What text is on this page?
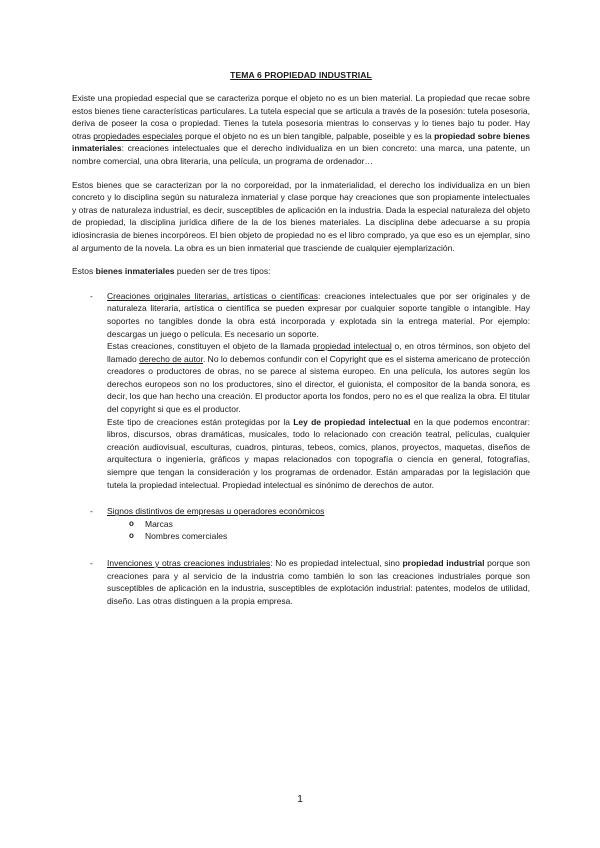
TEMA 6 PROPIEDAD INDUSTRIAL

Existe una propiedad especial que se caracteriza porque el objeto no es un bien material. La propiedad que recae sobre estos bienes tiene características particulares. La tutela especial que se articula a través de la posesión: tutela posesoria, deriva de poseer la cosa o propiedad. Tienes la tutela posesoria mientras lo conservas y lo tienes bajo tu poder. Hay otras propiedades especiales porque el objeto no es un bien tangible, palpable, poseible y es la propiedad sobre bienes inmateriales: creaciones intelectuales que el derecho individualiza en un bien concreto: una marca, una patente, un nombre comercial, una obra literaria, una película, un programa de ordenador…

Estos bienes que se caracterizan por la no corporeidad, por la inmaterialidad, el derecho los individualiza en un bien concreto y lo disciplina según su naturaleza inmaterial y clase porque hay creaciones que son propiamente intelectuales y otras de naturaleza industrial, es decir, susceptibles de aplicación en la industria. Dada la especial naturaleza del objeto de propiedad, la disciplina jurídica difiere de la de los bienes materiales. La disciplina debe adecuarse a su propia idiosincrasia de bienes incorpóreos. El bien objeto de propiedad no es el libro comprado, ya que eso es un ejemplar, sino al argumento de la novela. La obra es un bien inmaterial que trasciende de cualquier ejemplarización.

Estos bienes inmateriales pueden ser de tres tipos:

- Creaciones originales literarias, artísticas o científicas: creaciones intelectuales que por ser originales y de naturaleza literaria, artística o científica se pueden expresar por cualquier soporte tangible o intangible. Hay soportes no tangibles donde la obra está incorporada y explotada sin la entrega material. Por ejemplo: descargas un juego o película. Es necesario un soporte.

Estas creaciones, constituyen el objeto de la llamada propiedad intelectual o, en otros términos, son objeto del llamado derecho de autor. No lo debemos confundir con el Copyright que es el sistema americano de protección creadores o productores de obras, no se parece al sistema europeo. En una película, los autores según los derechos europeos son no los productores, sino el director, el guionista, el compositor de la banda sonora, es decir, los que han hecho una creación. El productor aporta los fondos, pero no es el que realiza la obra. El titular del copyright si que es el productor.

Este tipo de creaciones están protegidas por la Ley de propiedad intelectual en la que podemos encontrar: libros, discursos, obras dramáticas, musicales, todo lo relacionado con creación teatral, películas, cualquier creación audiovisual, esculturas, cuadros, pinturas, tebeos, comics, planos, proyectos, maquetas, diseños de arquitectura o ingeniería, gráficos y mapas relacionados con topografía o ciencia en general, fotografías, siempre que tengan la consideración y los programas de ordenador. Están amparadas por la legislación que tutela la propiedad intelectual. Propiedad intelectual es sinónimo de derechos de autor.

- Signos distintivos de empresas u operadores económicos

o Marcas
o Nombres comerciales
- Invenciones y otras creaciones industriales: No es propiedad intelectual, sino propiedad industrial porque son creaciones para y al servicio de la industria como también lo son las creaciones industriales porque son susceptibles de aplicación en la industria, susceptibles de explotación industrial: patentes, modelos de utilidad, diseño. Las otras distinguen a la propia empresa.

1
